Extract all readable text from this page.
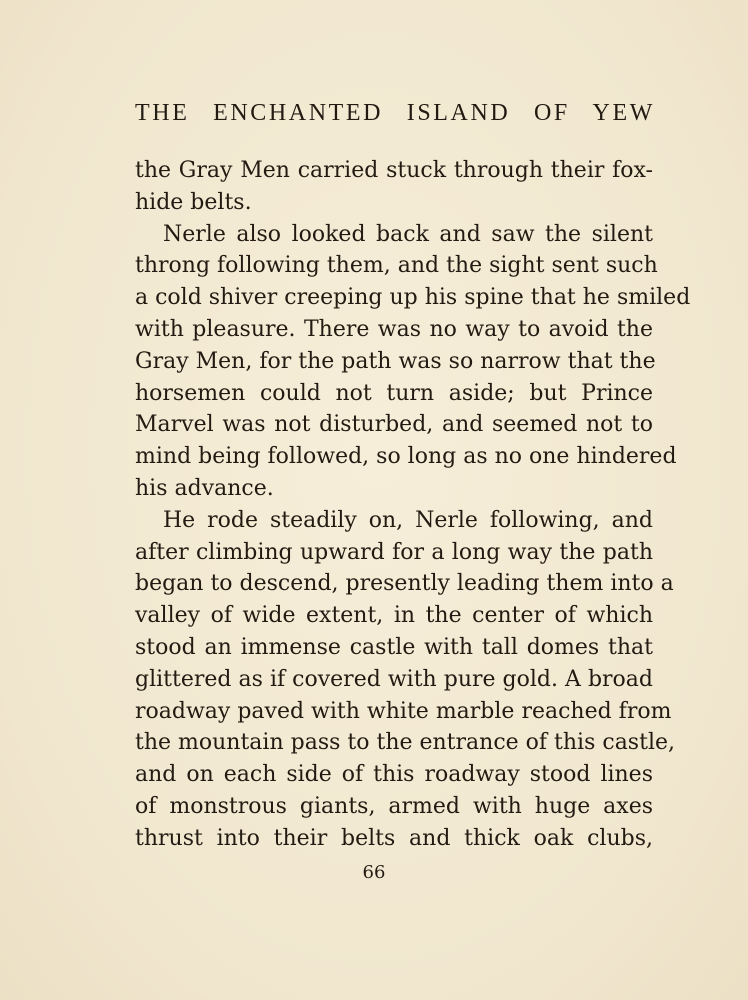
THE ENCHANTED ISLAND OF YEW
the Gray Men carried stuck through their fox-
hide belts.
Nerle also looked back and saw the silent
throng following them, and the sight sent such
a cold shiver creeping up his spine that he smiled
with pleasure. There was no way to avoid the
Gray Men, for the path was so narrow that the
horsemen could not turn aside; but Prince
Marvel was not disturbed, and seemed not to
mind being followed, so long as no one hindered
his advance.
He rode steadily on, Nerle following, and
after climbing upward for a long way the path
began to descend, presently leading them into a
valley of wide extent, in the center of which
stood an immense castle with tall domes that
glittered as if covered with pure gold. A broad
roadway paved with white marble reached from
the mountain pass to the entrance of this castle,
and on each side of this roadway stood lines
of monstrous giants, armed with huge axes
thrust into their belts and thick oak clubs,
66
